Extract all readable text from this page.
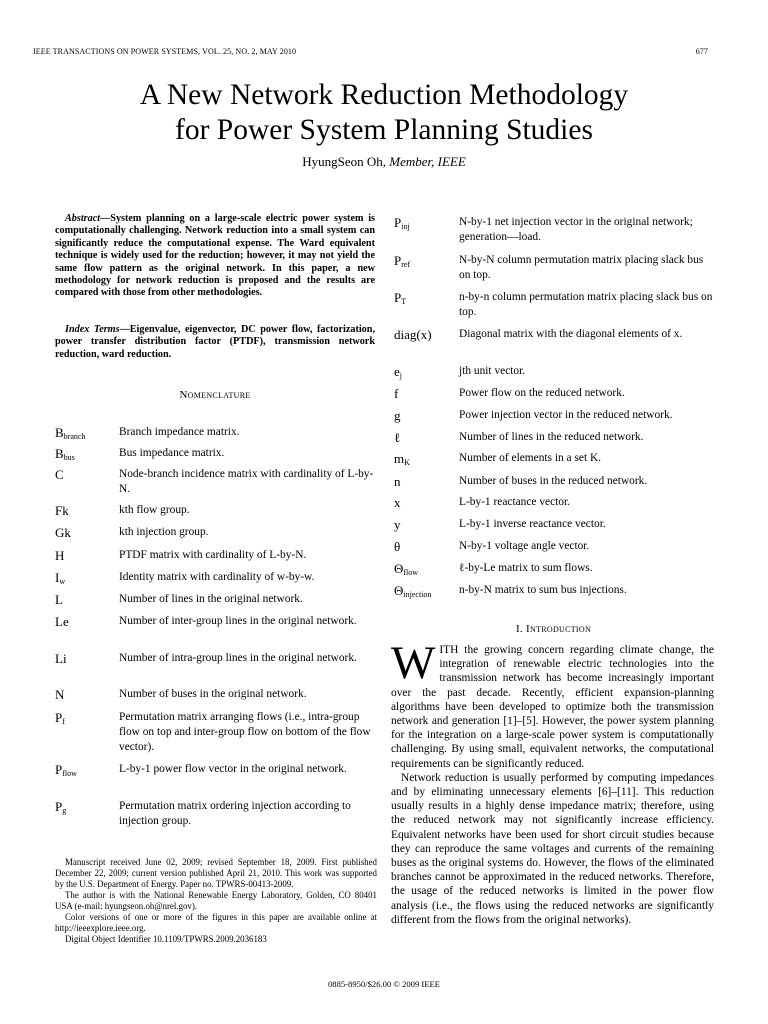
IEEE TRANSACTIONS ON POWER SYSTEMS, VOL. 25, NO. 2, MAY 2010	677
A New Network Reduction Methodology
for Power System Planning Studies
HyungSeon Oh, Member, IEEE

Abstract—System planning on a large-scale electric power system is computationally challenging. Network reduction into a small system can significantly reduce the computational expense. The Ward equivalent technique is widely used for the reduction; however, it may not yield the same flow pattern as the original network. In this paper, a new methodology for network reduction is proposed and the results are compared with those from other methodologies.

Index Terms—Eigenvalue, eigenvector, DC power flow, factorization, power transfer distribution factor (PTDF), transmission network reduction, ward reduction.

Nomenclature
$B_{branch}$	Branch impedance matrix.
$B_{bus}$	Bus impedance matrix.
C	Node-branch incidence matrix with cardinality of L-by-N.
Fk	kth flow group.
Gk	kth injection group.
H	PTDF matrix with cardinality of L-by-N.
$I_w$	Identity matrix with cardinality of w-by-w.
L	Number of lines in the original network.
Le	Number of inter-group lines in the original network.
Li	Number of intra-group lines in the original network.
N	Number of buses in the original network.
$P_f$	Permutation matrix arranging flows (i.e., intra-group flow on top and inter-group flow on bottom of the flow vector).
$P_{flow}$	L-by-1 power flow vector in the original network.
$P_g$	Permutation matrix ordering injection according to injection group.
$P_{inj}$	N-by-1 net injection vector in the original network; generation—load.
$P_{ref}$	N-by-N column permutation matrix placing slack bus on top.
$P_T$	n-by-n column permutation matrix placing slack bus on top.
diag(x)	Diagonal matrix with the diagonal elements of x.
$e_j$	jth unit vector.
f	Power flow on the reduced network.
g	Power injection vector in the reduced network.
ℓ	Number of lines in the reduced network.
$m_K$	Number of elements in a set K.
n	Number of buses in the reduced network.
x	L-by-1 reactance vector.
y	L-by-1 inverse reactance vector.
θ	N-by-1 voltage angle vector.
$\Theta_{flow}$	ℓ-by-Le matrix to sum flows.
$\Theta_{injection}$	n-by-N matrix to sum bus injections.
I. Introduction

WITH the growing concern regarding climate change, the integration of renewable electric technologies into the transmission network has become increasingly important over the past decade. Recently, efficient expansion-planning algorithms have been developed to optimize both the transmission network and generation [1]–[5]. However, the power system planning for the integration on a large-scale power system is computationally challenging. By using small, equivalent networks, the computational requirements can be significantly reduced.

Network reduction is usually performed by computing impedances and by eliminating unnecessary elements [6]–[11]. This reduction usually results in a highly dense impedance matrix; therefore, using the reduced network may not significantly increase efficiency. Equivalent networks have been used for short circuit studies because they can reproduce the same voltages and currents of the remaining buses as the original systems do. However, the flows of the eliminated branches cannot be approximated in the reduced networks. Therefore, the usage of the reduced networks is limited in the power flow analysis (i.e., the flows using the reduced networks are significantly different from the flows from the original networks).

Manuscript received June 02, 2009; revised September 18, 2009. First published December 22, 2009; current version published April 21, 2010. This work was supported by the U.S. Department of Energy. Paper no. TPWRS-00413-2009.

The author is with the National Renewable Energy Laboratory, Golden, CO 80401 USA (e-mail: hyungseon.oh@nrel.gov).

Color versions of one or more of the figures in this paper are available online at http://ieeexplore.ieee.org.

Digital Object Identifier 10.1109/TPWRS.2009.2036183

0885-8950/$26.00 © 2009 IEEE
